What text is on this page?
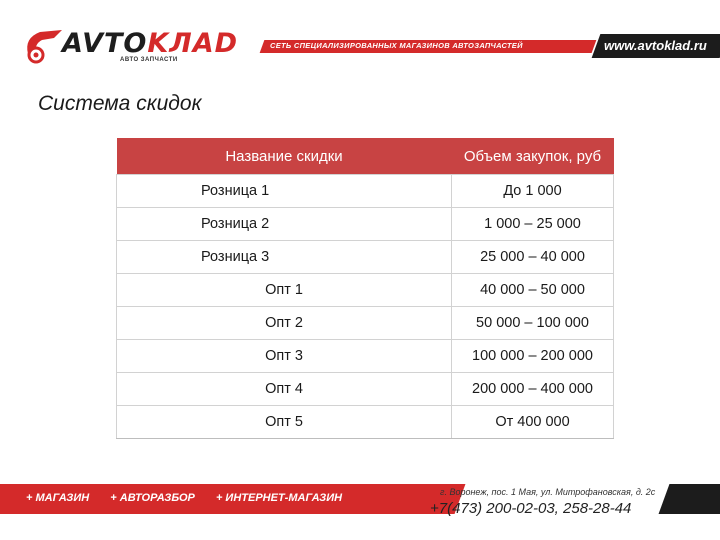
AVTOKЛAD
АВТО ЗАПЧАСТИ
СЕТЬ СПЕЦИАЛИЗИРОВАННЫХ МАГАЗИНОВ АВТОЗАПЧАСТЕЙ	www.avtoklad.ru
Система скидок
Название скидки	Объем закупок, руб
Розница 1	До 1 000
Розница 2	1 000 – 25 000
Розница 3	25 000 – 40 000
Опт 1	40 000 – 50 000
Опт 2	50 000 – 100 000
Опт 3	100 000 – 200 000
Опт 4	200 000 – 400 000
Опт 5	От 400 000
+ МАГАЗИН + АВТОРАЗБОР + ИНТЕРНЕТ-МАГАЗИН	г. Воронеж, пос. 1 Мая, ул. Митрофановская, д. 2с
+7(473) 200-02-03, 258-28-44
